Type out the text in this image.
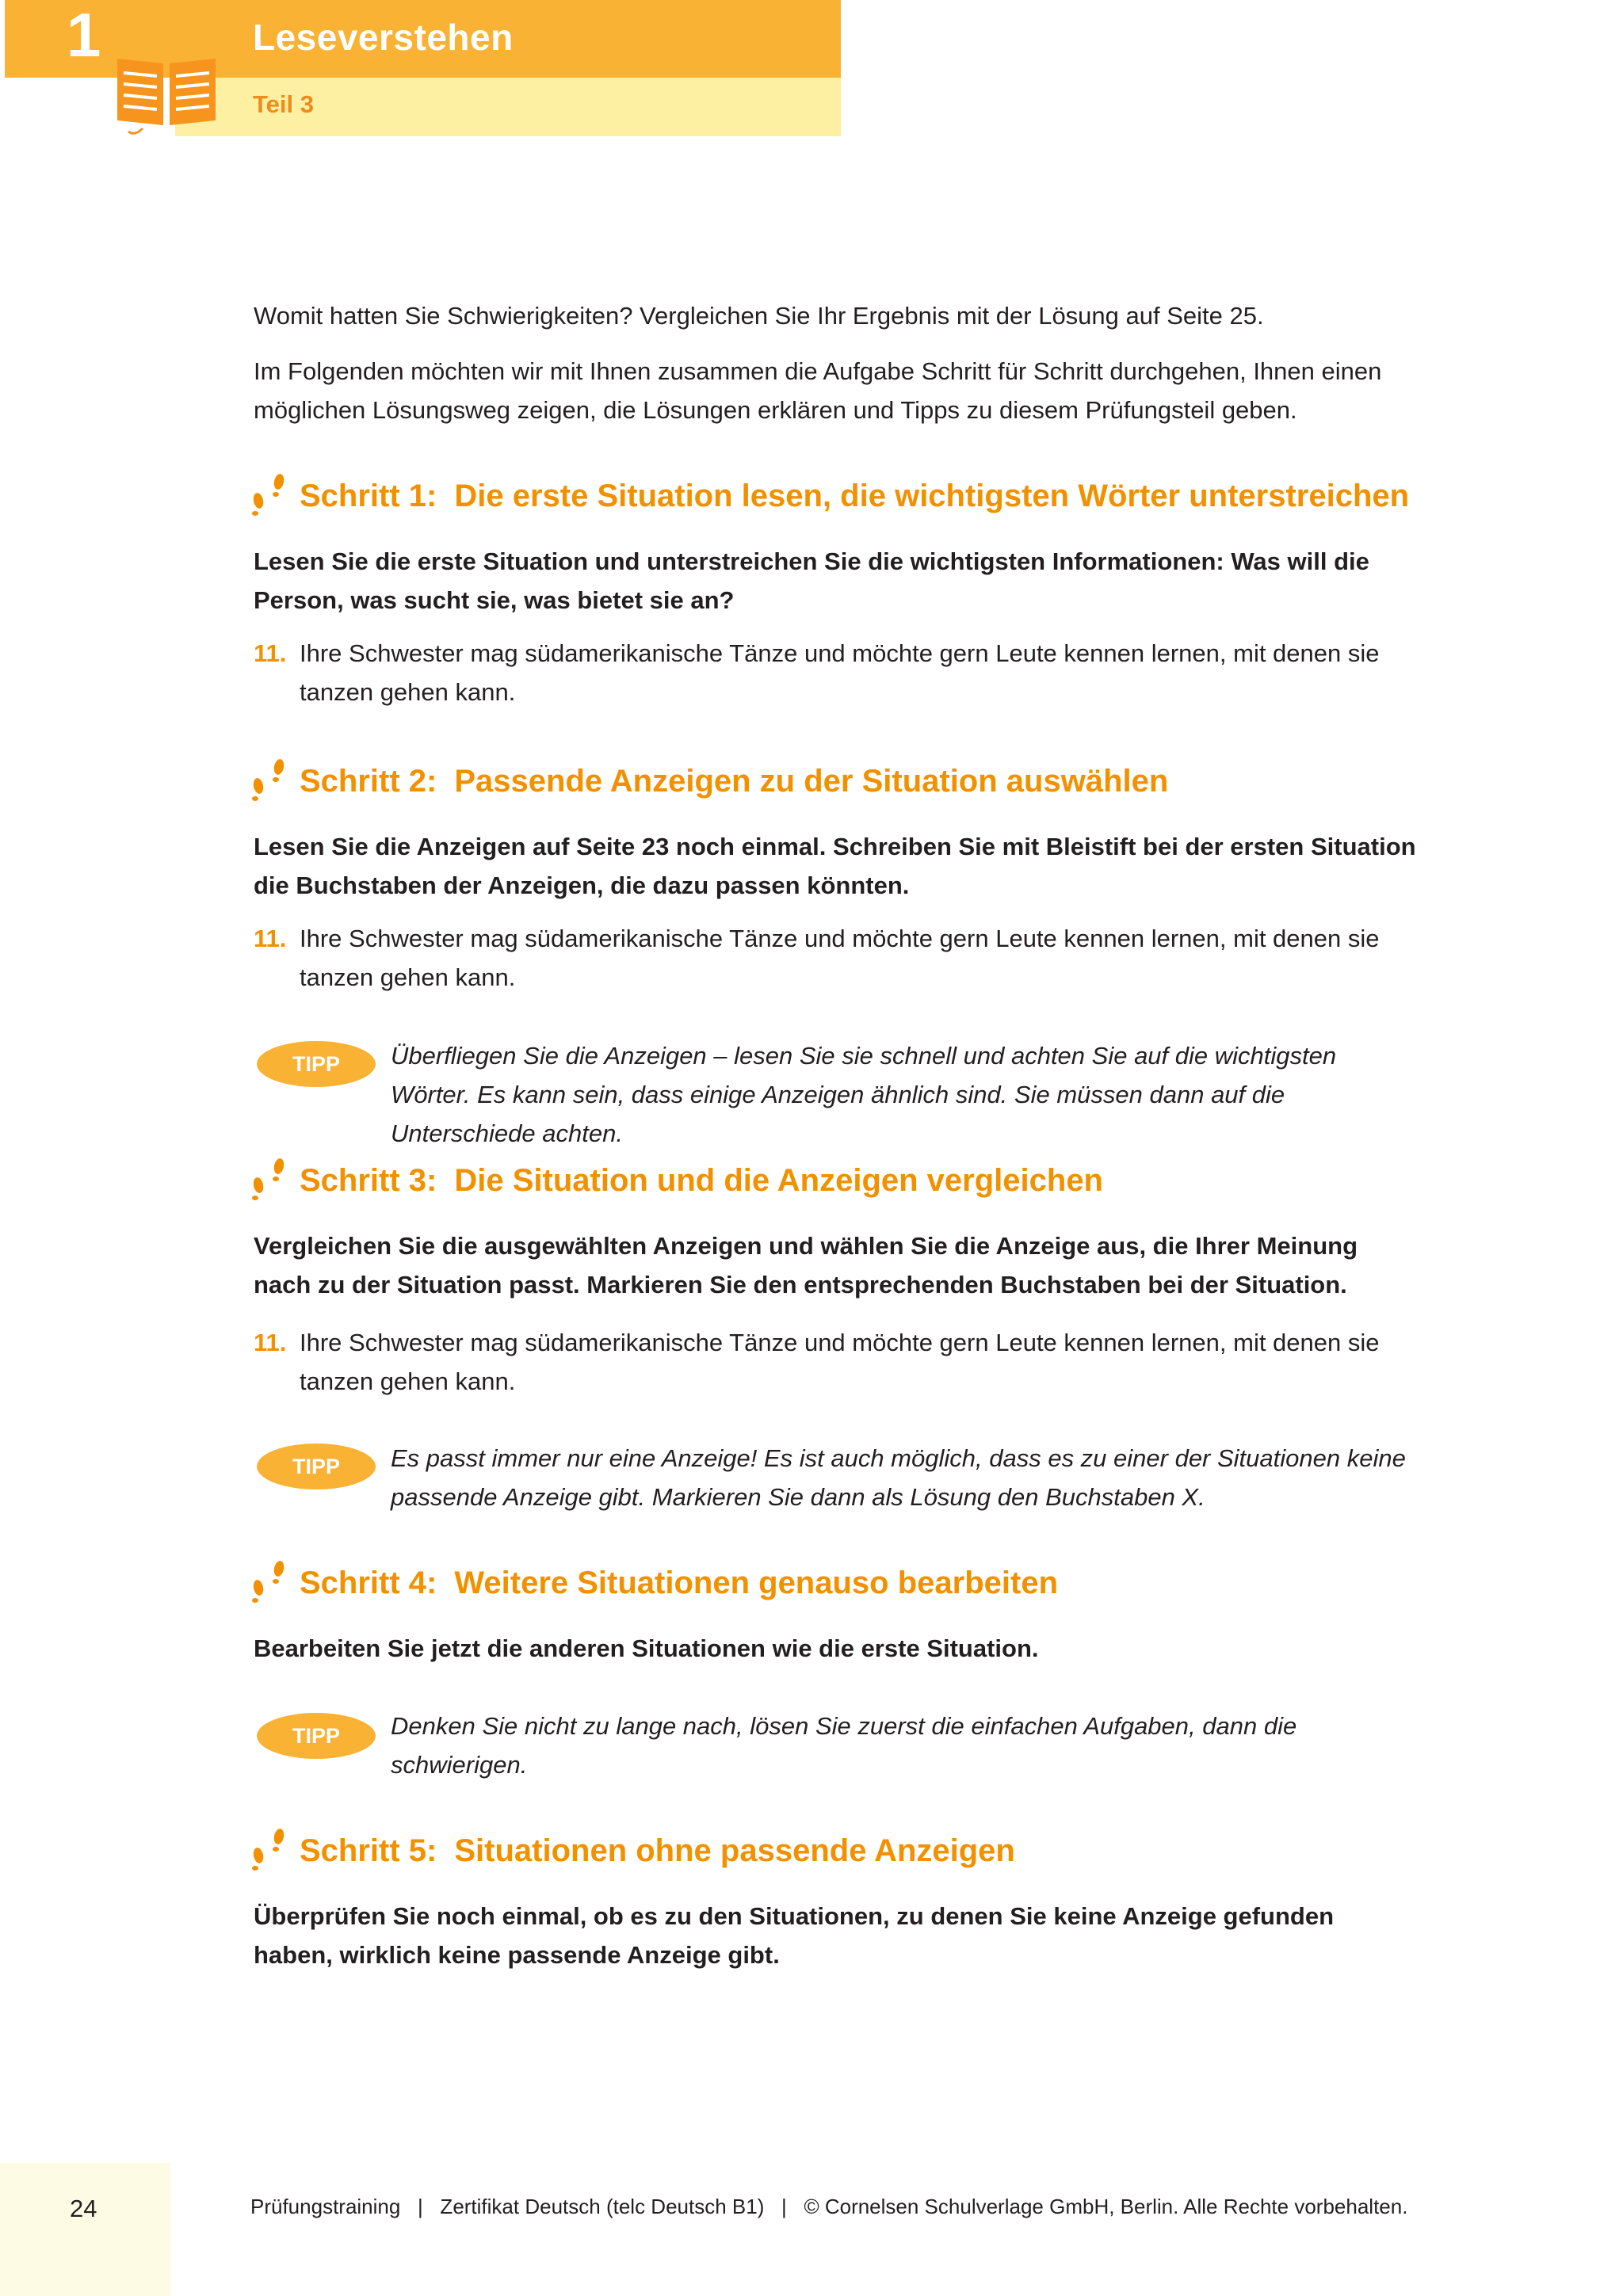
1	Leseverstehen
Teil 3

Womit hatten Sie Schwierigkeiten? Vergleichen Sie Ihr Ergebnis mit der Lösung auf Seite 25.

Im Folgenden möchten wir mit Ihnen zusammen die Aufgabe Schritt für Schritt durchgehen, Ihnen einen möglichen Lösungsweg zeigen, die Lösungen erklären und Tipps zu diesem Prüfungsteil geben.

Schritt 1: Die erste Situation lesen, die wichtigsten Wörter unterstreichen

Lesen Sie die erste Situation und unterstreichen Sie die wichtigsten Informationen: Was will die Person, was sucht sie, was bietet sie an?

11. Ihre Schwester mag südamerikanische Tänze und möchte gern Leute kennen lernen, mit denen sie tanzen gehen kann.
Schritt 2: Passende Anzeigen zu der Situation auswählen

Lesen Sie die Anzeigen auf Seite 23 noch einmal. Schreiben Sie mit Bleistift bei der ersten Situation die Buchstaben der Anzeigen, die dazu passen könnten.

11. Ihre Schwester mag südamerikanische Tänze und möchte gern Leute kennen lernen, mit denen sie tanzen gehen kann.
TIPP	Überfliegen Sie die Anzeigen – lesen Sie sie schnell und achten Sie auf die wichtigsten Wörter. Es kann sein, dass einige Anzeigen ähnlich sind. Sie müssen dann auf die Unterschiede achten.

Schritt 3: Die Situation und die Anzeigen vergleichen

Vergleichen Sie die ausgewählten Anzeigen und wählen Sie die Anzeige aus, die Ihrer Meinung nach zu der Situation passt. Markieren Sie den entsprechenden Buchstaben bei der Situation.

11. Ihre Schwester mag südamerikanische Tänze und möchte gern Leute kennen lernen, mit denen sie tanzen gehen kann.
TIPP	Es passt immer nur eine Anzeige! Es ist auch möglich, dass es zu einer der Situationen keine passende Anzeige gibt. Markieren Sie dann als Lösung den Buchstaben X.

Schritt 4: Weitere Situationen genauso bearbeiten

Bearbeiten Sie jetzt die anderen Situationen wie die erste Situation.

TIPP	Denken Sie nicht zu lange nach, lösen Sie zuerst die einfachen Aufgaben, dann die schwierigen.

Schritt 5: Situationen ohne passende Anzeigen

Überprüfen Sie noch einmal, ob es zu den Situationen, zu denen Sie keine Anzeige gefunden haben, wirklich keine passende Anzeige gibt.

24	Prüfungstraining   |   Zertifikat Deutsch (telc Deutsch B1)   |   © Cornelsen Schulverlage GmbH, Berlin. Alle Rechte vorbehalten.
